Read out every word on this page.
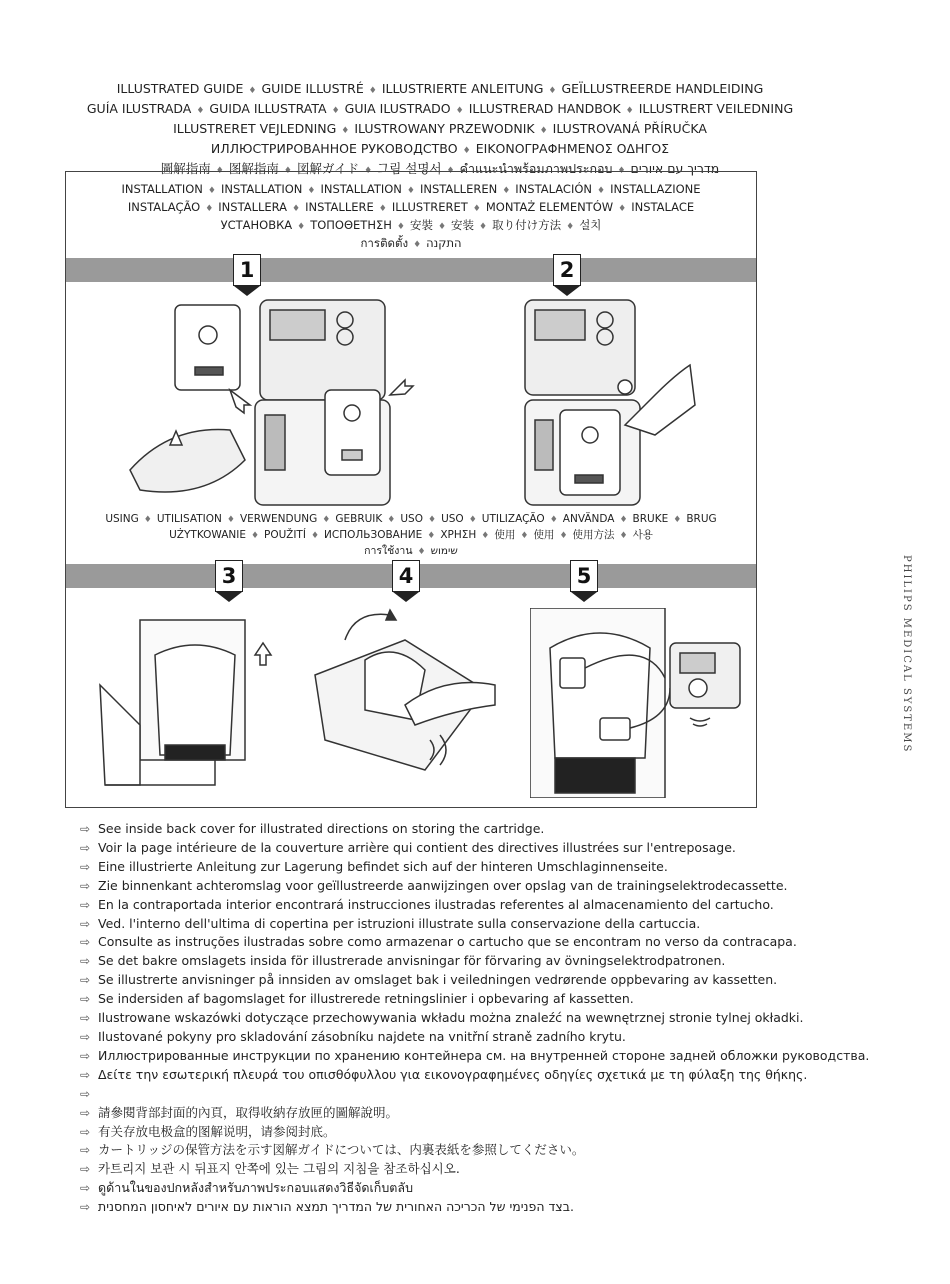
ILLUSTRATED GUIDE ♦ GUIDE ILLUSTRÉ ♦ ILLUSTRIERTE ANLEITUNG ♦ GEÏLLUSTREERDE HANDLEIDING
GUÍA ILUSTRADA ♦ GUIDA ILLUSTRATA ♦ GUIA ILUSTRADO ♦ ILLUSTRERAD HANDBOK ♦ ILLUSTRERT VEILEDNING
ILLUSTRERET VEJLEDNING ♦ ILUSTROWANY PRZEWODNIK ♦ ILUSTROVANÁ PŘÍRUČKA
ИЛЛЮСТРИРОВАННОЕ РУКОВОДСТВО ♦ ΕΙΚΟΝΟΓΡΑΦΗΜΕΝΟΣ ΟΔΗΓΟΣ
圖解指南 ♦ 图解指南 ♦ 図解ガイド ♦ 그림 설명서 ♦ คำแนะนำพร้อมภาพประกอบ ♦ מדריך עם איורים
INSTALLATION ♦ INSTALLATION ♦ INSTALLATION ♦ INSTALLEREN ♦ INSTALACIÓN ♦ INSTALLAZIONE
INSTALAÇÃO ♦ INSTALLERA ♦ INSTALLERE ♦ ILLUSTRERET ♦ MONTAŻ ELEMENTÓW ♦ INSTALACE
УСТАНОВКА ♦ ΤΟΠΟΘΕΤΗΣΗ ♦ 安裝 ♦ 安装 ♦ 取り付け方法 ♦ 설치
การติดตั้ง ♦ התקנה
1	2
USING ♦ UTILISATION ♦ VERWENDUNG ♦ GEBRUIK ♦ USO ♦ USO ♦ UTILIZAÇÃO ♦ ANVÄNDA ♦ BRUKE ♦ BRUG
UŻYTKOWANIE ♦ POUŽITÍ ♦ ИСПОЛЬЗОВАНИЕ ♦ ΧΡΗΣΗ ♦ 使用 ♦ 使用 ♦ 使用方法 ♦ 사용
การใช้งาน ♦ שימוש
3	4	5	PHILIPS MEDICAL SYSTEMS
⇨ See inside back cover for illustrated directions on storing the cartridge.
⇨ Voir la page intérieure de la couverture arrière qui contient des directives illustrées sur l'entreposage.
⇨ Eine illustrierte Anleitung zur Lagerung befindet sich auf der hinteren Umschlaginnenseite.
⇨ Zie binnenkant achteromslag voor geïllustreerde aanwijzingen over opslag van de trainingselektrodecassette.
⇨ En la contraportada interior encontrará instrucciones ilustradas referentes al almacenamiento del cartucho.
⇨ Ved. l'interno dell'ultima di copertina per istruzioni illustrate sulla conservazione della cartuccia.
⇨ Consulte as instruções ilustradas sobre como armazenar o cartucho que se encontram no verso da contracapa.
⇨ Se det bakre omslagets insida för illustrerade anvisningar för förvaring av övningselektrodpatronen.
⇨ Se illustrerte anvisninger på innsiden av omslaget bak i veiledningen vedrørende oppbevaring av kassetten.
⇨ Se indersiden af bagomslaget for illustrerede retningslinier i opbevaring af kassetten.
⇨ Ilustrowane wskazówki dotyczące przechowywania wkładu można znaleźć na wewnętrznej stronie tylnej okładki.
⇨ Ilustované pokyny pro skladování zásobníku najdete na vnitřní straně zadního krytu.
⇨ Иллюстрированные инструкции по хранению контейнера см. на внутренней стороне задней обложки руководства.
⇨ Δείτε την εσωτερική πλευρά του οπισθόφυλλου για εικονογραφημένες οδηγίες σχετικά με τη φύλαξη της θήκης.
⇨
⇨ 請參閱背部封面的內頁，取得收納存放匣的圖解說明。
⇨ 有关存放电极盒的图解说明，请参阅封底。
⇨ カートリッジの保管方法を示す図解ガイドについては、内裏表紙を参照してください。
⇨ 카트리지 보관 시 뒤표지 안쪽에 있는 그림의 지침을 참조하십시오.
⇨ ดูด้านในของปกหลังสำหรับภาพประกอบแสดงวิธีจัดเก็บตลับ
⇨ בצד הפנימי של הכריכה האחורית של המדריך תמצא הוראות עם איורים לאיחסון המחסנית.
